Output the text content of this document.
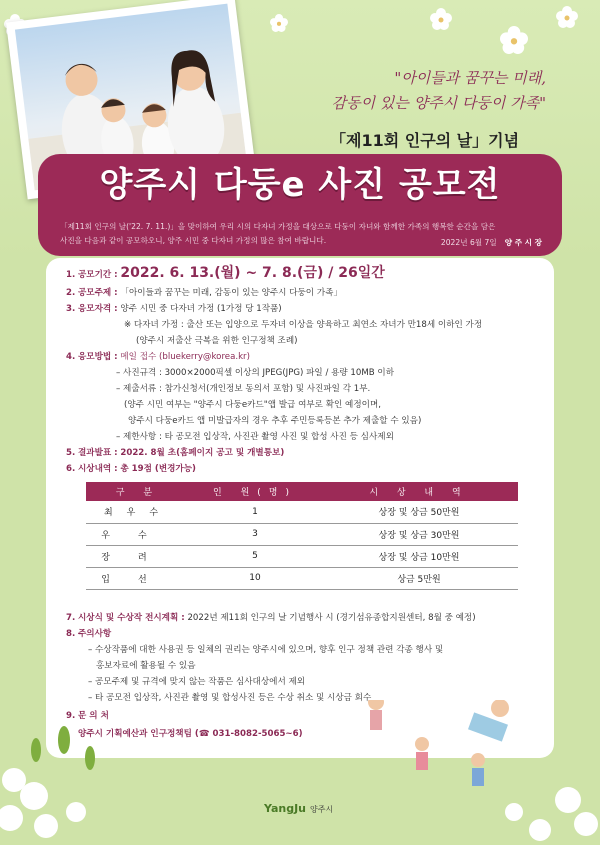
"아이들과 꿈꾸는 미래,
감동이 있는 양주시 다둥이 가족"
「제11회 인구의 날」기념
양주시 다둥e 사진 공모전
「제11회 인구의 날('22. 7. 11.)」을 맞이하여 우리 시의 다자녀 가정을 대상으로 다둥이 자녀와 함께한 가족의 행복한 순간을 담은
사진을 다음과 같이 공모하오니, 양주 시민 중 다자녀 가정의 많은 참여 바랍니다.	2022년 6월 7일 양 주 시 장
1. 공모기간 : 2022. 6. 13.(월) ~ 7. 8.(금) / 26일간
2. 공모주제 : 「아이들과 꿈꾸는 미래, 감동이 있는 양주시 다둥이 가족」
3. 응모자격 : 양주 시민 중 다자녀 가정 (1가정 당 1작품)
※ 다자녀 가정 : 출산 또는 입양으로 두자녀 이상을 양육하고 최연소 자녀가 만18세 이하인 가정
(양주시 저출산 극복을 위한 인구정책 조례)
4. 응모방법 : 메일 접수 (bluekerry@korea.kr)
– 사진규격 : 3000×2000픽셀 이상의 JPEG(JPG) 파일 / 용량 10MB 이하
– 제출서류 : 참가신청서(개인정보 동의서 포함) 및 사진파일 각 1부.
(양주 시민 여부는 "양주시 다둥e카드"앱 발급 여부로 확인 예정이며,
양주시 다둥e카드 앱 미발급자의 경우 추후 주민등록등본 추가 제출할 수 있음)
– 제한사항 : 타 공모전 입상작, 사진관 촬영 사진 및 합성 사진 등 심사제외
5. 결과발표 : 2022. 8월 초(홈페이지 공고 및 개별통보)
6. 시상내역 : 총 19점 (변경가능)
구 분	인 원(명)	시 상 내 역
최우수	1	상장 및 상금 50만원
우수	3	상장 및 상금 30만원
장려	5	상장 및 상금 10만원
입선	10	상금 5만원
7. 시상식 및 수상작 전시계획 : 2022년 제11회 인구의 날 기념행사 시 (경기섬유종합지원센터, 8월 중 예정)
8. 주의사항
– 수상작품에 대한 사용권 등 일체의 권리는 양주시에 있으며, 향후 인구 정책 관련 각종 행사 및
홍보자료에 활용될 수 있음
– 공모주제 및 규격에 맞지 않는 작품은 심사대상에서 제외
– 타 공모전 입상작, 사진관 촬영 및 합성사진 등은 수상 취소 및 시상금 회수
9. 문 의 처
양주시 기획예산과 인구정책팀 (☎ 031-8082-5065~6)
YangJu 양주시
